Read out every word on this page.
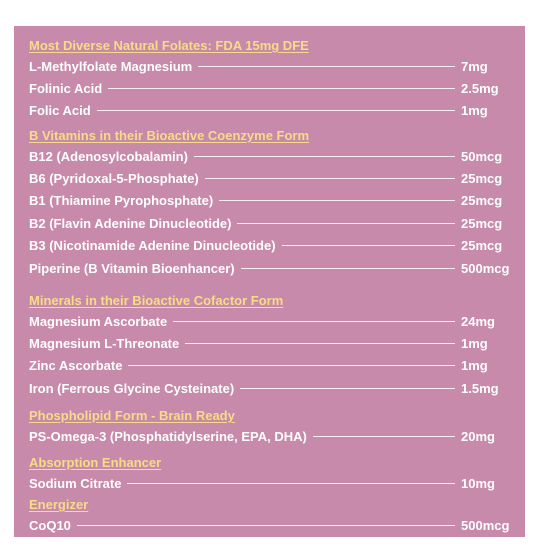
Most Diverse Natural Folates: FDA 15mg DFE
L-Methylfolate Magnesium	7mg
Folinic Acid	2.5mg
Folic Acid	1mg
B Vitamins in their Bioactive Coenzyme Form
B12 (Adenosylcobalamin)	50mcg
B6 (Pyridoxal-5-Phosphate)	25mcg
B1 (Thiamine Pyrophosphate)	25mcg
B2 (Flavin Adenine Dinucleotide)	25mcg
B3 (Nicotinamide Adenine Dinucleotide)	25mcg
Piperine (B Vitamin Bioenhancer)	500mcg
Minerals in their Bioactive Cofactor Form
Magnesium Ascorbate	24mg
Magnesium L-Threonate	1mg
Zinc Ascorbate	1mg
Iron (Ferrous Glycine Cysteinate)	1.5mg
Phospholipid Form - Brain Ready
PS-Omega-3 (Phosphatidylserine, EPA, DHA)	20mg
Absorption Enhancer
Sodium Citrate	10mg
Energizer
CoQ10	500mcg
